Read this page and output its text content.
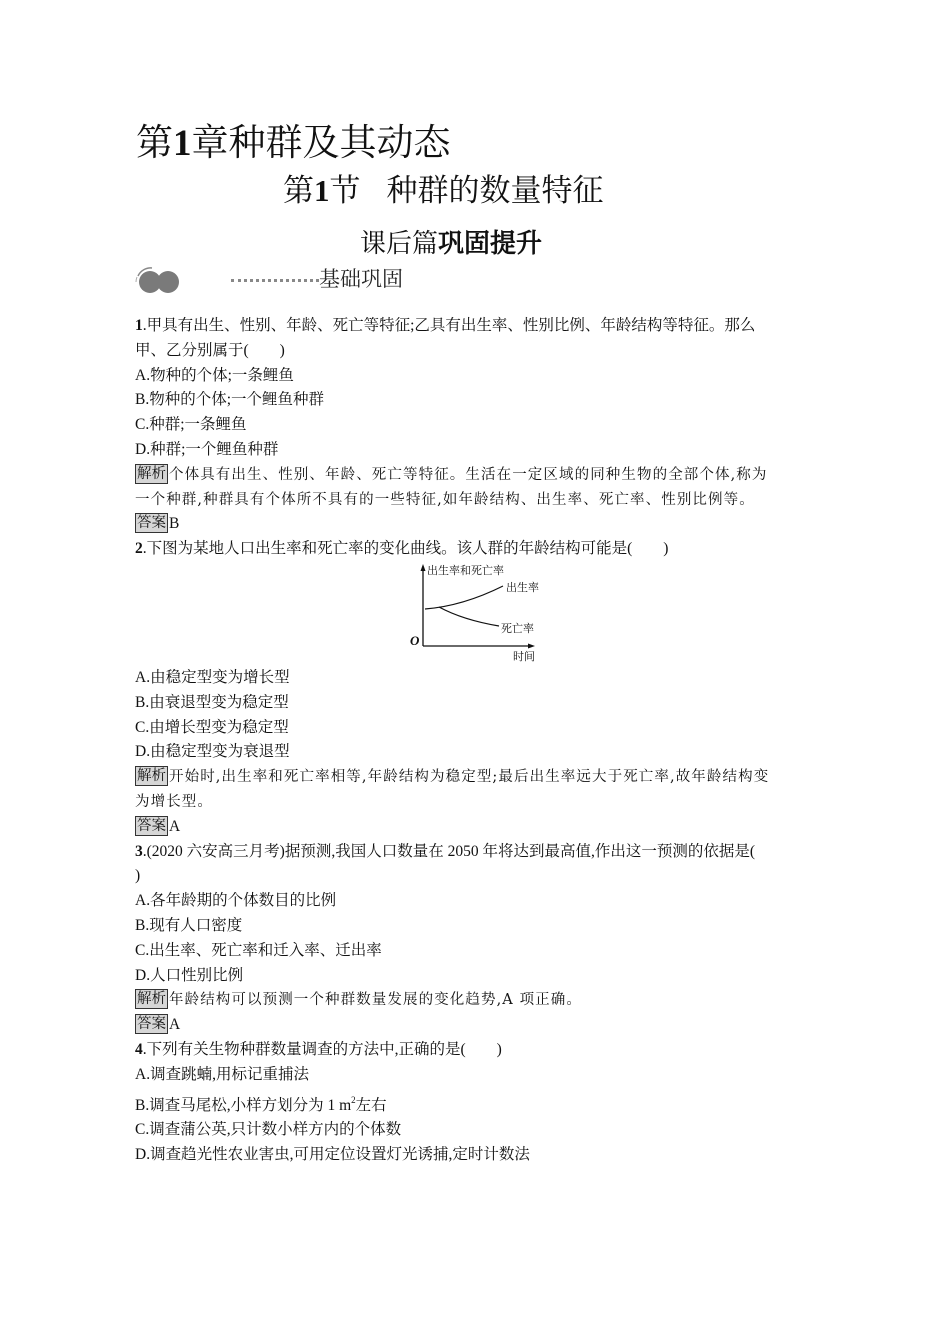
第1章种群及其动态
第1节 种群的数量特征
课后篇巩固提升
基础巩固
1.甲具有出生、性别、年龄、死亡等特征;乙具有出生率、性别比例、年龄结构等特征。那么
甲、乙分别属于(　　)
A.物种的个体;一条鲤鱼
B.物种的个体;一个鲤鱼种群
C.种群;一条鲤鱼
D.种群;一个鲤鱼种群
解析 个体具有出生、性别、年龄、死亡等特征。生活在一定区域的同种生物的全部个体,称为
一个种群,种群具有个体所不具有的一些特征,如年龄结构、出生率、死亡率、性别比例等。
答案 B
2.下图为某地人口出生率和死亡率的变化曲线。该人群的年龄结构可能是(　　)
出生率和死亡率
出生率
死亡率
O
时间
A.由稳定型变为增长型
B.由衰退型变为稳定型
C.由增长型变为稳定型
D.由稳定型变为衰退型
解析 开始时,出生率和死亡率相等,年龄结构为稳定型;最后出生率远大于死亡率,故年龄结构变
为增长型。
答案 A
3.(2020 六安高三月考)据预测,我国人口数量在 2050 年将达到最高值,作出这一预测的依据是(
)
A.各年龄期的个体数目的比例
B.现有人口密度
C.出生率、死亡率和迁入率、迁出率
D.人口性别比例
解析 年龄结构可以预测一个种群数量发展的变化趋势,A 项正确。
答案 A
4.下列有关生物种群数量调查的方法中,正确的是(　　)
A.调查跳蝻,用标记重捕法
B.调查马尾松,小样方划分为 1 $m^2$左右
C.调查蒲公英,只计数小样方内的个体数
D.调查趋光性农业害虫,可用定位设置灯光诱捕,定时计数法
